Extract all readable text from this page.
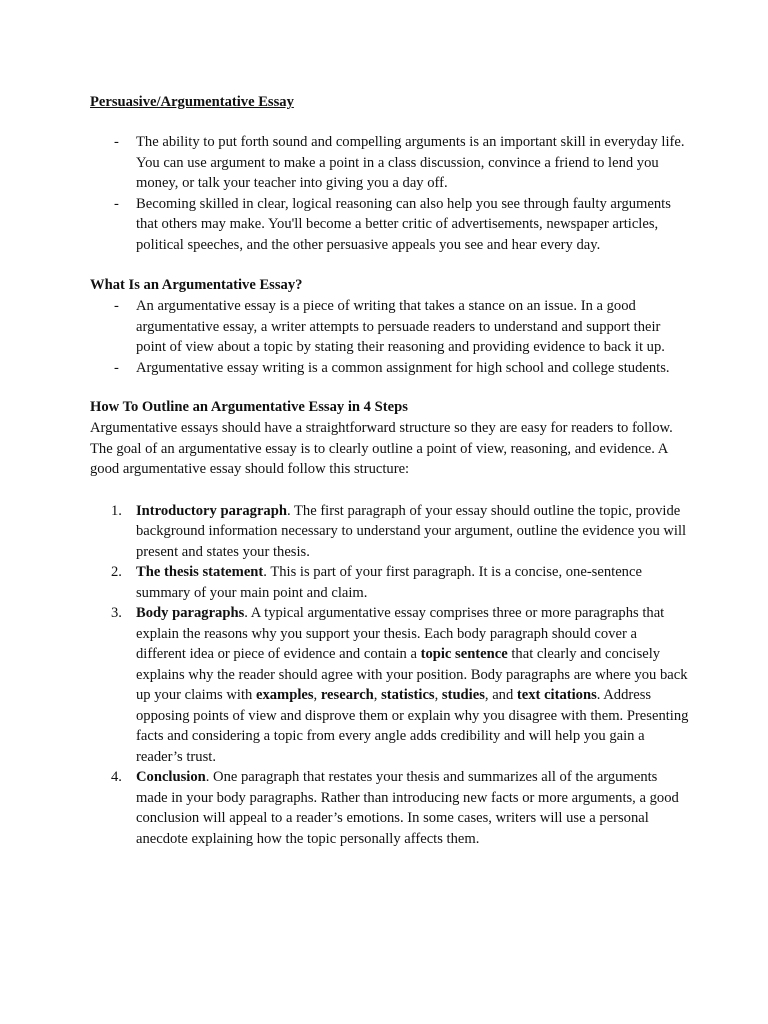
Persuasive/Argumentative Essay
- The ability to put forth sound and compelling arguments is an important skill in everyday life. You can use argument to make a point in a class discussion, convince a friend to lend you money, or talk your teacher into giving you a day off.
- Becoming skilled in clear, logical reasoning can also help you see through faulty arguments that others may make. You'll become a better critic of advertisements, newspaper articles, political speeches, and the other persuasive appeals you see and hear every day.
What Is an Argumentative Essay?
- An argumentative essay is a piece of writing that takes a stance on an issue. In a good argumentative essay, a writer attempts to persuade readers to understand and support their point of view about a topic by stating their reasoning and providing evidence to back it up.
- Argumentative essay writing is a common assignment for high school and college students.
How To Outline an Argumentative Essay in 4 Steps

Argumentative essays should have a straightforward structure so they are easy for readers to follow. The goal of an argumentative essay is to clearly outline a point of view, reasoning, and evidence. A good argumentative essay should follow this structure:

1. Introductory paragraph. The first paragraph of your essay should outline the topic, provide background information necessary to understand your argument, outline the evidence you will present and states your thesis.
2. The thesis statement. This is part of your first paragraph. It is a concise, one-sentence summary of your main point and claim.
3. Body paragraphs. A typical argumentative essay comprises three or more paragraphs that explain the reasons why you support your thesis. Each body paragraph should cover a different idea or piece of evidence and contain a topic sentence that clearly and concisely explains why the reader should agree with your position. Body paragraphs are where you back up your claims with examples, research, statistics, studies, and text citations. Address opposing points of view and disprove them or explain why you disagree with them. Presenting facts and considering a topic from every angle adds credibility and will help you gain a reader’s trust.
4. Conclusion. One paragraph that restates your thesis and summarizes all of the arguments made in your body paragraphs. Rather than introducing new facts or more arguments, a good conclusion will appeal to a reader’s emotions. In some cases, writers will use a personal anecdote explaining how the topic personally affects them.
